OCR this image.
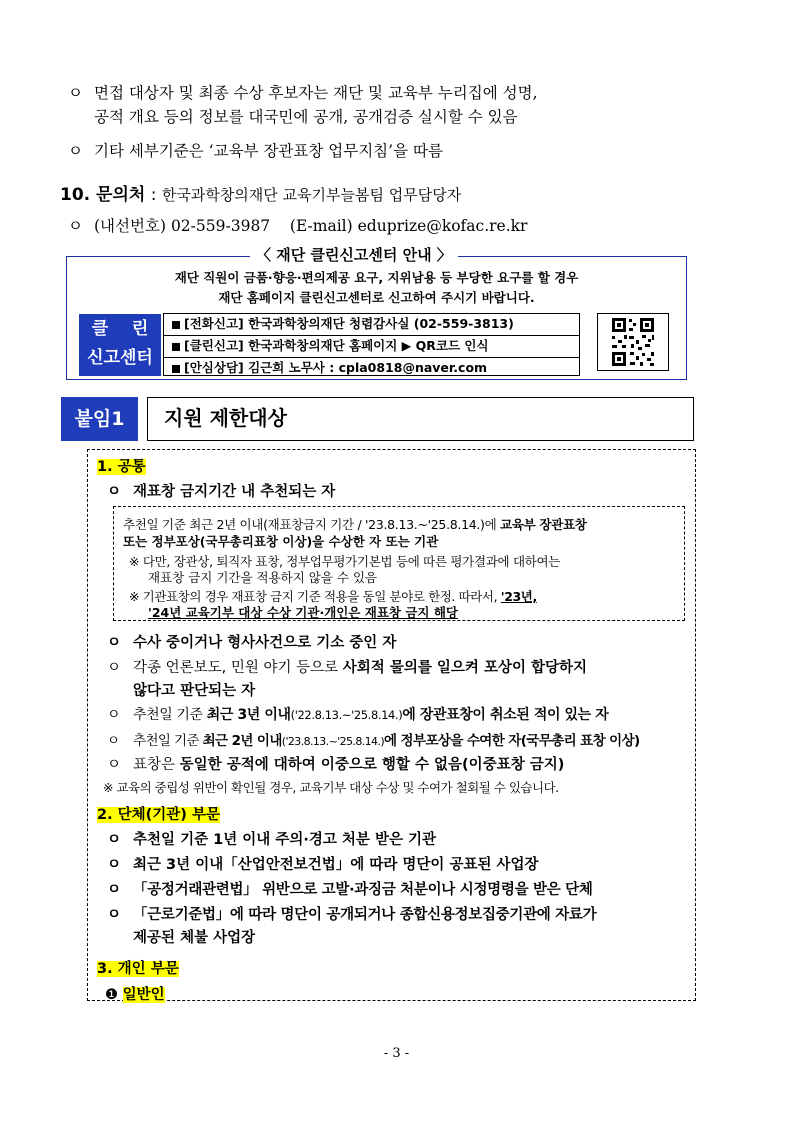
ㅇ 면접 대상자 및 최종 수상 후보자는 재단 및 교육부 누리집에 성명,
공적 개요 등의 정보를 대국민에 공개, 공개검증 실시할 수 있음
ㅇ 기타 세부기준은 ‘교육부 장관표창 업무지침’을 따름
10. 문의처 : 한국과학창의재단 교육기부늘봄팀 업무담당자
ㅇ (내선번호) 02-559-3987 (E-mail) eduprize@kofac.re.kr
〈 재단 클린신고센터 안내 〉
재단 직원이 금품·향응·편의제공 요구, 지위남용 등 부당한 요구를 할 경우
재단 홈페이지 클린신고센터로 신고하여 주시기 바랍니다.
클    린
신고센터
[전화신고] 한국과학창의재단 청렴감사실 (02-559-3813)
[클린신고] 한국과학창의재단 홈페이지 ▶ QR코드 인식
[안심상담] 김근희 노무사 : cpla0818@naver.com
붙임1	지원 제한대상
1. 공통
ㅇ 재표창 금지기간 내 추천되는 자
추천일 기준 최근 2년 이내(재표창금지 기간 / '23.8.13.~'25.8.14.)에 교육부 장관표창
또는 정부포상(국무총리표창 이상)을 수상한 자 또는 기관
※ 다만, 장관상, 퇴직자 표창, 정부업무평가기본법 등에 따른 평가결과에 대하여는
재표창 금지 기간을 적용하지 않을 수 있음
※ 기관표창의 경우 재표창 금지 기준 적용을 동일 분야로 한정. 따라서, '23년,
'24년 교육기부 대상 수상 기관·개인은 재표창 금지 해당
ㅇ 수사 중이거나 형사사건으로 기소 중인 자
ㅇ 각종 언론보도, 민원 야기 등으로 사회적 물의를 일으켜 포상이 합당하지
않다고 판단되는 자
ㅇ 추천일 기준 최근 3년 이내('22.8.13.~'25.8.14.)에 장관표창이 취소된 적이 있는 자
ㅇ 추천일 기준 최근 2년 이내('23.8.13.~'25.8.14.)에 정부포상을 수여한 자(국무총리 표창 이상)
ㅇ 표창은 동일한 공적에 대하여 이중으로 행할 수 없음(이중표창 금지)
※ 교육의 중립성 위반이 확인될 경우, 교육기부 대상 수상 및 수여가 철회될 수 있습니다.
2. 단체(기관) 부문
ㅇ 추천일 기준 1년 이내 주의·경고 처분 받은 기관
ㅇ 최근 3년 이내「산업안전보건법」에 따라 명단이 공표된 사업장
ㅇ 「공정거래관련법」 위반으로 고발·과징금 처분이나 시정명령을 받은 단체
ㅇ 「근로기준법」에 따라 명단이 공개되거나 종합신용정보집중기관에 자료가
제공된 체불 사업장
3. 개인 부문
❶ 일반인
- 3 -
